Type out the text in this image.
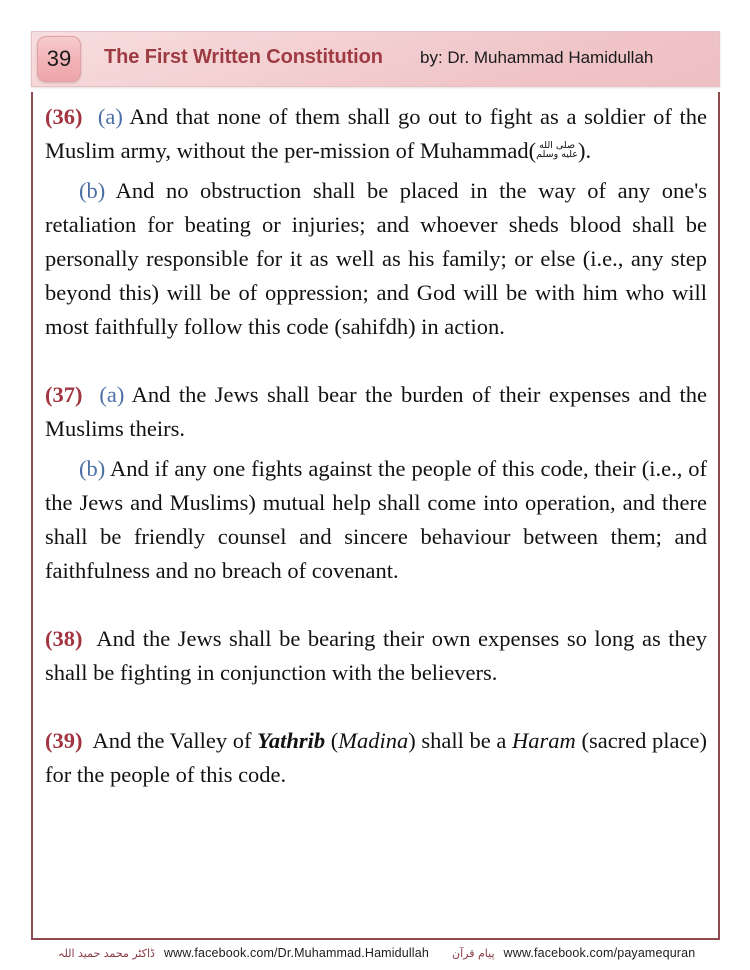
39 The First Written Constitution by: Dr. Muhammad Hamidullah

(36) (a) And that none of them shall go out to fight as a soldier of the Muslim army, without the per-mission of Muhammad( صلى الله
عليه وسلم ).

(b) And no obstruction shall be placed in the way of any one's retaliation for beating or injuries; and whoever sheds blood shall be personally responsible for it as well as his family; or else (i.e., any step beyond this) will be of oppression; and God will be with him who will most faithfully follow this code (sahifdh) in action.

(37) (a) And the Jews shall bear the burden of their expenses and the Muslims theirs.

(b) And if any one fights against the people of this code, their (i.e., of the Jews and Muslims) mutual help shall come into operation, and there shall be friendly counsel and sincere behaviour between them; and faithfulness and no breach of covenant.

(38) And the Jews shall be bearing their own expenses so long as they shall be fighting in conjunction with the believers.

(39) And the Valley of Yathrib (Madina) shall be a Haram (sacred place) for the people of this code.

ڈاکٹر محمد حمید اللہ www.facebook.com/Dr.Muhammad.Hamidullah پیام قرآن www.facebook.com/payamequran
